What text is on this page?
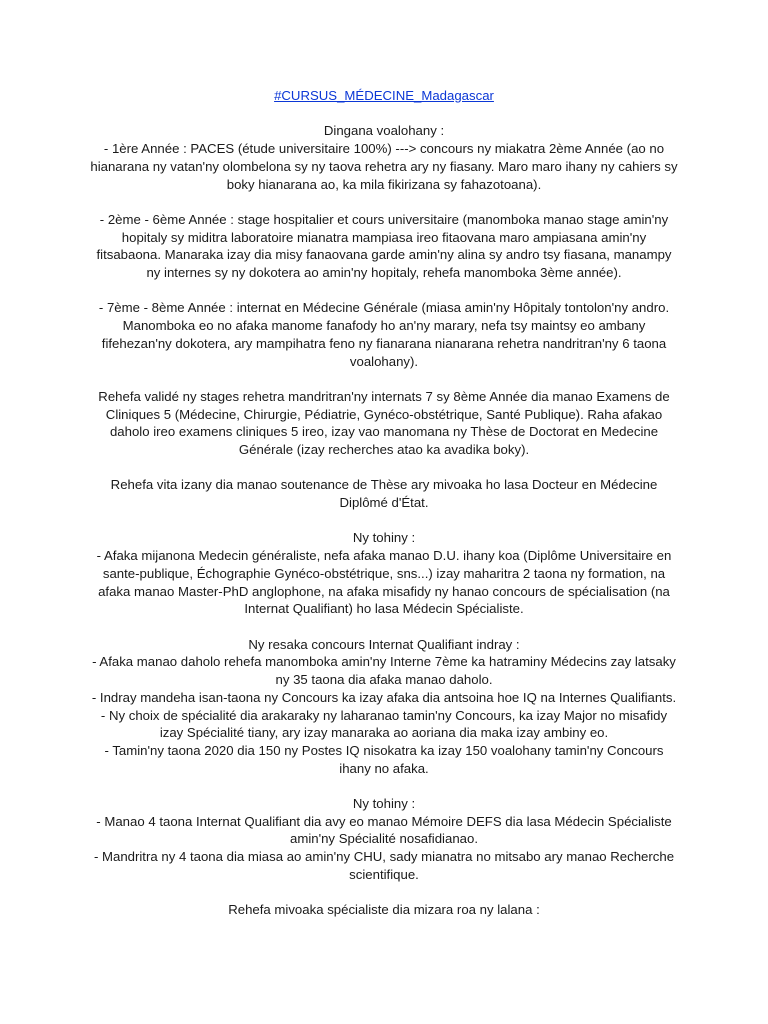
#CURSUS_MÉDECINE_Madagascar
Dingana voalohany :
- 1ère Année : PACES (étude universitaire 100%) ---> concours ny miakatra 2ème Année (ao no hianarana ny vatan'ny olombelona sy ny taova rehetra ary ny fiasany. Maro maro ihany ny cahiers sy boky hianarana ao, ka mila fikirizana sy fahazotoana).
- 2ème - 6ème Année : stage hospitalier et cours universitaire (manomboka manao stage amin'ny hopitaly sy miditra laboratoire mianatra mampiasa ireo fitaovana maro ampiasana amin'ny fitsabaona. Manaraka izay dia misy fanaovana garde amin'ny alina sy andro tsy fiasana, manampy ny internes sy ny dokotera ao amin'ny hopitaly, rehefa manomboka 3ème année).
- 7ème - 8ème Année : internat en Médecine Générale (miasa amin'ny Hôpitaly tontolon'ny andro. Manomboka eo no afaka manome fanafody ho an'ny marary, nefa tsy maintsy eo ambany fifehezan'ny dokotera, ary mampihatra feno ny fianarana nianarana rehetra nandritran'ny 6 taona voalohany).
Rehefa validé ny stages rehetra mandritran'ny internats 7 sy 8ème Année dia manao Examens de Cliniques 5 (Médecine, Chirurgie, Pédiatrie, Gynéco-obstétrique, Santé Publique). Raha afakao daholo ireo examens cliniques 5 ireo, izay vao manomana ny Thèse de Doctorat en Medecine Générale (izay recherches atao ka avadika boky).
Rehefa vita izany dia manao soutenance de Thèse ary mivoaka ho lasa Docteur en Médecine Diplômé d'État.
Ny tohiny :
- Afaka mijanona Medecin généraliste, nefa afaka manao D.U. ihany koa (Diplôme Universitaire en sante-publique, Échographie Gynéco-obstétrique, sns...) izay maharitra 2 taona ny formation, na afaka manao Master-PhD anglophone, na afaka misafidy ny hanao concours de spécialisation (na Internat Qualifiant) ho lasa Médecin Spécialiste.
Ny resaka concours Internat Qualifiant indray :
- Afaka manao daholo rehefa manomboka amin'ny Interne 7ème ka hatraminy Médecins zay latsaky ny 35 taona dia afaka manao daholo.
- Indray mandeha isan-taona ny Concours ka izay afaka dia antsoina hoe IQ na Internes Qualifiants.
- Ny choix de spécialité dia arakaraky ny laharanao tamin'ny Concours, ka izay Major no misafidy izay Spécialité tiany, ary izay manaraka ao aoriana dia maka izay ambiny eo.
- Tamin'ny taona 2020 dia 150 ny Postes IQ nisokatra ka izay 150 voalohany tamin'ny Concours ihany no afaka.
Ny tohiny :
- Manao 4 taona Internat Qualifiant dia avy eo manao Mémoire DEFS dia lasa Médecin Spécialiste amin'ny Spécialité nosafidianao.
- Mandritra ny 4 taona dia miasa ao amin'ny CHU, sady mianatra no mitsabo ary manao Recherche scientifique.
Rehefa mivoaka spécialiste dia mizara roa ny lalana :
